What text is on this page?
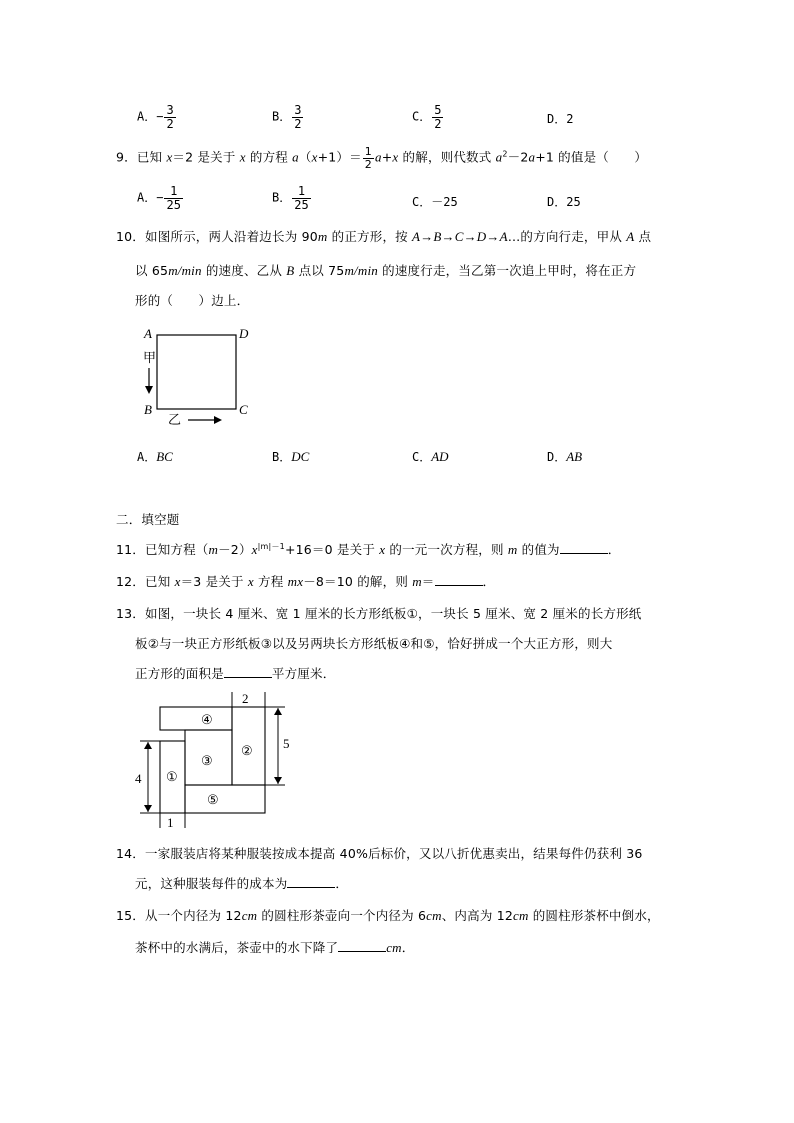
A．− $\frac{3}{2}$	B． $\frac{3}{2}$	C． $\frac{5}{2}$	D．2
9．已知 x＝2 是关于 x 的方程 $a(x+1)= \frac{1}{2} a+x$ 的解，则代数式 $a^2-2a+1$ 的值是（　　）
A．− $\frac{1}{25}$	B． $\frac{1}{25}$	C．－25	D．25
10．如图所示，两人沿着边长为 90m 的正方形，按 A→B→C→D→A…的方向行走，甲从 A 点
以 65m/min 的速度、乙从 B 点以 75m/min 的速度行走，当乙第一次追上甲时，将在正方
形的（　　）边上．
A	D
B	C
甲
乙
A．BC	B．DC	C．AD	D．AB
二．填空题
11．已知方程$(m-2)x^{|m|-1}+16=0$ 是关于 x 的一元一次方程，则 m 的值为	．
12．已知 x＝3 是关于 x 方程 mx－8＝10 的解，则 m＝	．
13．如图，一块长 4 厘米、宽 1 厘米的长方形纸板①，一块长 5 厘米、宽 2 厘米的长方形纸
板②与一块正方形纸板③以及另两块长方形纸板④和⑤，恰好拼成一个大正方形，则大
正方形的面积是	平方厘米．
④
②
③
①
⑤
2
5
4
1
14．一家服装店将某种服装按成本提高 40%后标价，又以八折优惠卖出，结果每件仍获利 36
元，这种服装每件的成本为	．
15．从一个内径为 12cm 的圆柱形茶壶向一个内径为 6cm、内高为 12cm 的圆柱形茶杯中倒水，
茶杯中的水满后，茶壶中的水下降了	cm．
